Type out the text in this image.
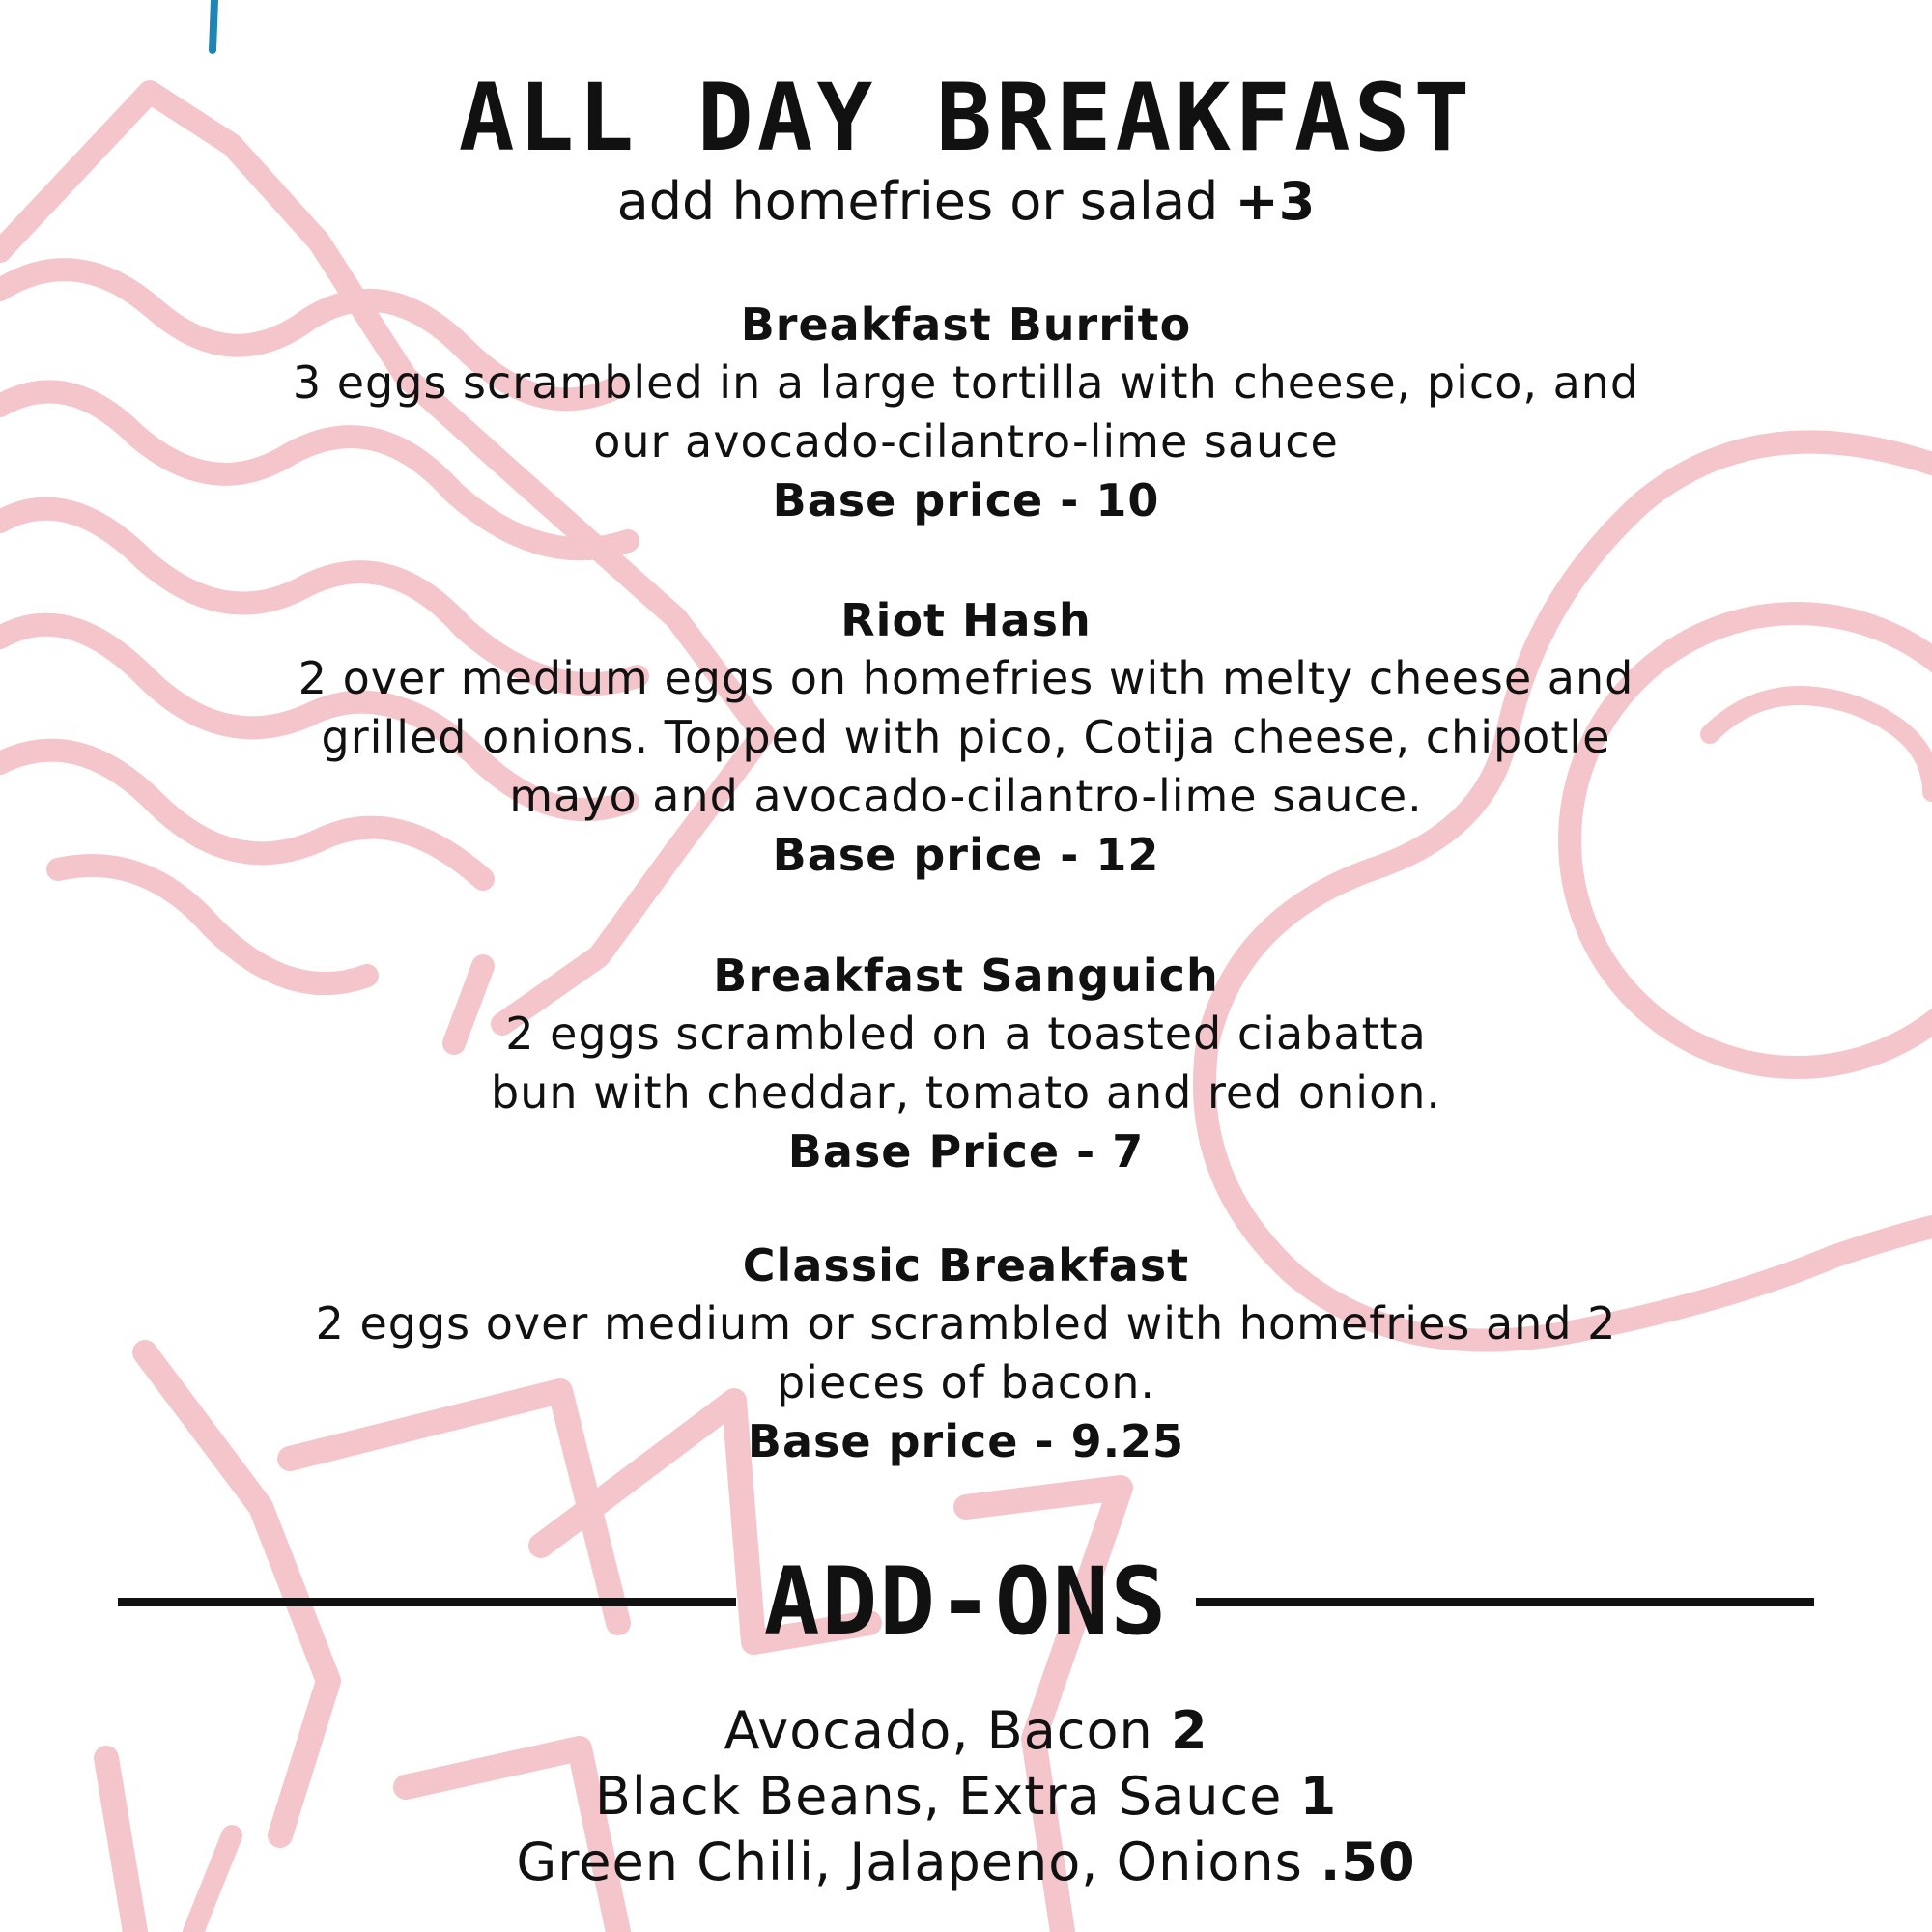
ALL DAY BREAKFAST
add homefries or salad +3
Breakfast Burrito
3 eggs scrambled in a large tortilla with cheese, pico, and
our avocado-cilantro-lime sauce
Base price - 10
Riot Hash
2 over medium eggs on homefries with melty cheese and
grilled onions. Topped with pico, Cotija cheese, chipotle
mayo and avocado-cilantro-lime sauce.
Base price - 12
Breakfast Sanguich
2 eggs scrambled on a toasted ciabatta
bun with cheddar, tomato and red onion.
Base Price - 7
Classic Breakfast
2 eggs over medium or scrambled with homefries and 2
pieces of bacon.
Base price - 9.25
ADD-ONS
Avocado, Bacon 2
Black Beans, Extra Sauce 1
Green Chili, Jalapeno, Onions .50
